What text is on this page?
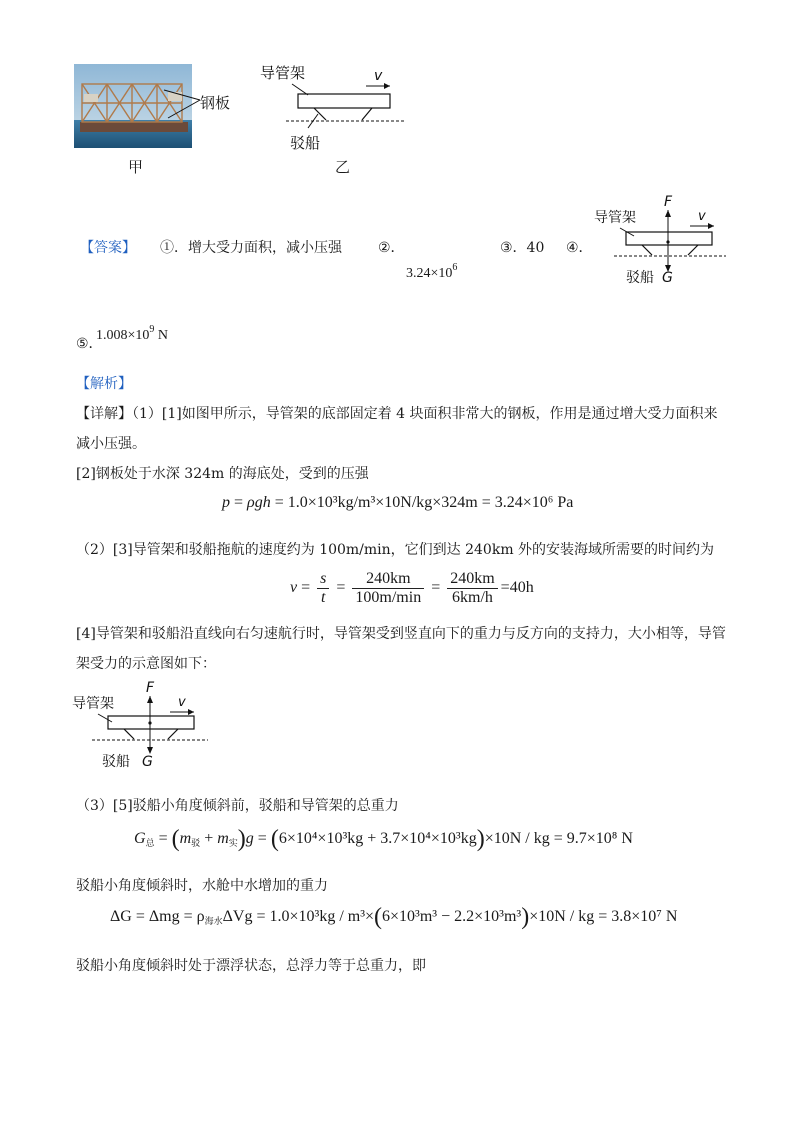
钢板
甲
导管架	v
驳船
乙
【答案】 ①．增大受力面积，减小压强	②．
$3.24\times 10^6$
③．40 ④．
F
导管架	v
驳船 G
⑤．
$1.008\times 10^9$ N
【解析】
【详解】（1）[1]如图甲所示，导管架的底部固定着 4 块面积非常大的钢板，作用是通过增大受力面积来
减小压强。
[2]钢板处于水深 324m 的海底处，受到的压强
p = ρgh = 1.0×10³kg/m³×10N/kg×324m = 3.24×10⁶ Pa
（2）[3]导管架和驳船拖航的速度约为 100m/min，它们到达 240km 外的安装海域所需要的时间约为
$v = \frac{s}{t} = \frac{240km}{100m/\min} = \frac{240km}{6km/h} =40h$
[4]导管架和驳船沿直线向右匀速航行时，导管架受到竖直向下的重力与反方向的支持力，大小相等，导管
架受力的示意图如下：
F
导管架	v
驳船 G
（3）[5]驳船小角度倾斜前，驳船和导管架的总重力
$G_总 = (m_驳 + m_实)g = (6\times 10^4\times 10^3kg + 3.7\times 10^4\times 10^3kg)\times 10N$ / kg = 9.7×10⁸ N
驳船小角度倾斜时，水舱中水增加的重力
$\Delta G = \Delta mg = \rho_{海水}\Delta Vg = 1.0\times 10^3kg / m^3\times(6\times 10^3m^3 - 2.2\times 10^3m^3)\times 10N$ / kg = 3.8×10⁷ N
驳船小角度倾斜时处于漂浮状态，总浮力等于总重力，即
